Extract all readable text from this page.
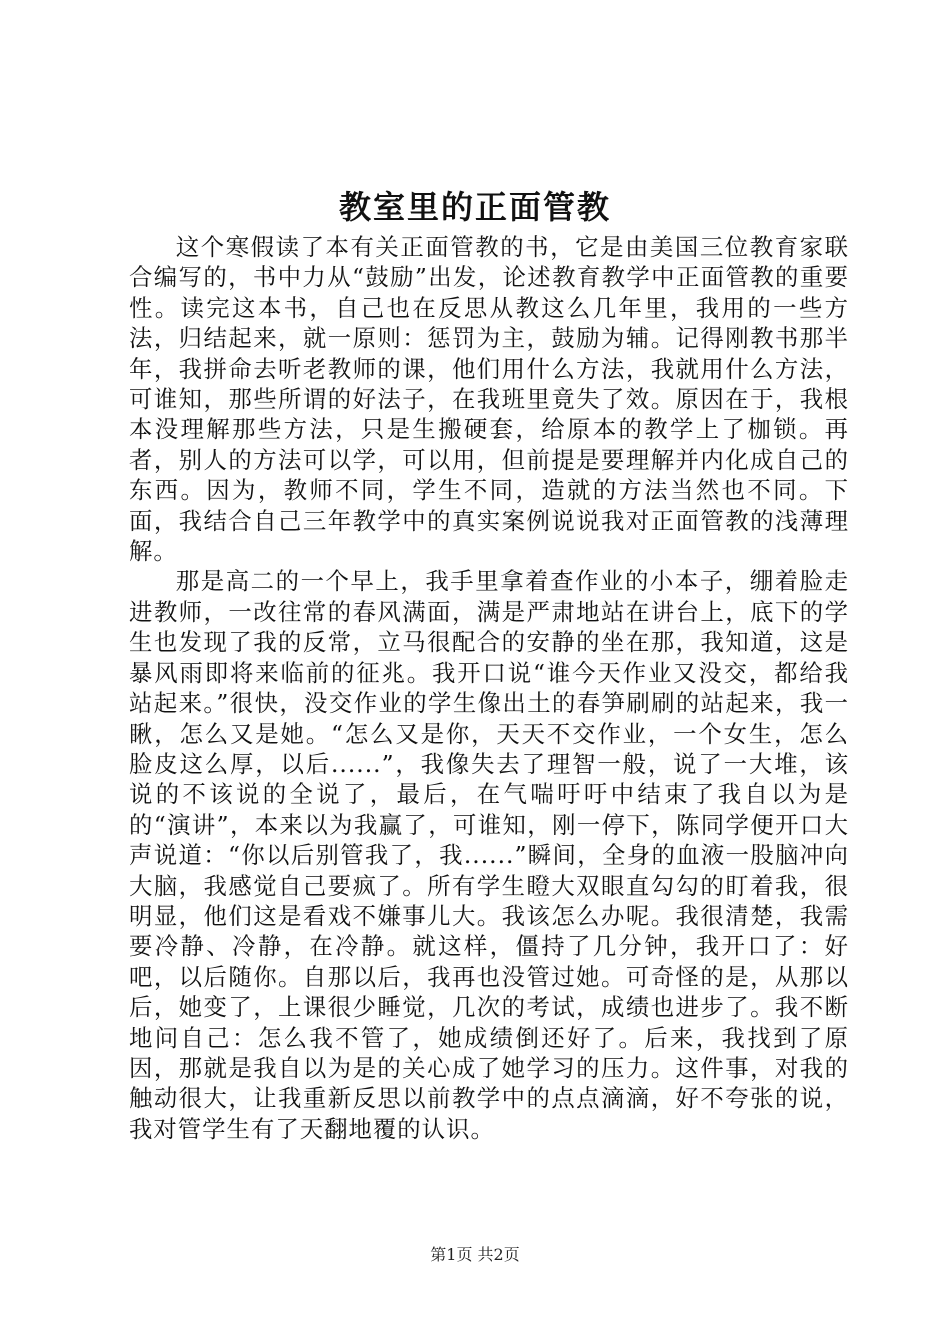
教室里的正面管教

这个寒假读了本有关正面管教的书，它是由美国三位教育家联合编写的，书中力从“鼓励”出发，论述教育教学中正面管教的重要性。读完这本书，自己也在反思从教这么几年里，我用的一些方法，归结起来，就一原则：惩罚为主，鼓励为辅。记得刚教书那半年，我拼命去听老教师的课，他们用什么方法，我就用什么方法，可谁知，那些所谓的好法子，在我班里竟失了效。原因在于，我根本没理解那些方法，只是生搬硬套，给原本的教学上了枷锁。再者，别人的方法可以学，可以用，但前提是要理解并内化成自己的东西。因为，教师不同，学生不同，造就的方法当然也不同。下面，我结合自己三年教学中的真实案例说说我对正面管教的浅薄理解。

那是高二的一个早上，我手里拿着查作业的小本子，绷着脸走进教师，一改往常的春风满面，满是严肃地站在讲台上，底下的学生也发现了我的反常，立马很配合的安静的坐在那，我知道，这是暴风雨即将来临前的征兆。我开口说“谁今天作业又没交，都给我站起来。”很快，没交作业的学生像出土的春笋刷刷的站起来，我一瞅，怎么又是她。“怎么又是你，天天不交作业，一个女生，怎么脸皮这么厚，以后......”，我像失去了理智一般，说了一大堆，该说的不该说的全说了，最后，在气喘吁吁中结束了我自以为是的“演讲”，本来以为我赢了，可谁知，刚一停下，陈同学便开口大声说道：“你以后别管我了，我......”瞬间，全身的血液一股脑冲向大脑，我感觉自己要疯了。所有学生瞪大双眼直勾勾的盯着我，很明显，他们这是看戏不嫌事儿大。我该怎么办呢。我很清楚，我需要冷静、冷静，在冷静。就这样，僵持了几分钟，我开口了：好吧，以后随你。自那以后，我再也没管过她。可奇怪的是，从那以后，她变了，上课很少睡觉，几次的考试，成绩也进步了。我不断地问自己：怎么我不管了，她成绩倒还好了。后来，我找到了原因，那就是我自以为是的关心成了她学习的压力。这件事，对我的触动很大，让我重新反思以前教学中的点点滴滴，好不夸张的说，我对管学生有了天翻地覆的认识。

第1页 共2页
